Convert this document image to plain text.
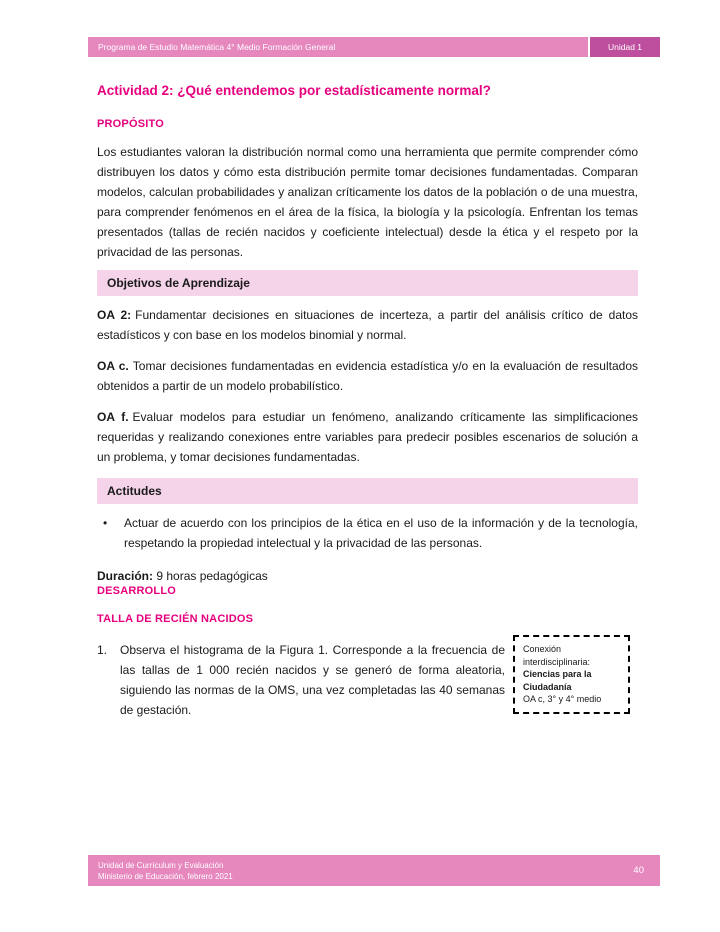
Programa de Estudio Matemática 4° Medio Formación General	Unidad 1
Actividad 2: ¿Qué entendemos por estadísticamente normal?
PROPÓSITO

Los estudiantes valoran la distribución normal como una herramienta que permite comprender cómo distribuyen los datos y cómo esta distribución permite tomar decisiones fundamentadas. Comparan modelos, calculan probabilidades y analizan críticamente los datos de la población o de una muestra, para comprender fenómenos en el área de la física, la biología y la psicología. Enfrentan los temas presentados (tallas de recién nacidos y coeficiente intelectual) desde la ética y el respeto por la privacidad de las personas.

Objetivos de Aprendizaje

OA 2: Fundamentar decisiones en situaciones de incerteza, a partir del análisis crítico de datos estadísticos y con base en los modelos binomial y normal.

OA c. Tomar decisiones fundamentadas en evidencia estadística y/o en la evaluación de resultados obtenidos a partir de un modelo probabilístico.

OA f. Evaluar modelos para estudiar un fenómeno, analizando críticamente las simplificaciones requeridas y realizando conexiones entre variables para predecir posibles escenarios de solución a un problema, y tomar decisiones fundamentadas.

Actitudes
•	Actuar de acuerdo con los principios de la ética en el uso de la información y de la tecnología, respetando la propiedad intelectual y la privacidad de las personas.

Duración: 9 horas pedagógicas

DESARROLLO
TALLA DE RECIÉN NACIDOS
1.	Observa el histograma de la Figura 1. Corresponde a la frecuencia de las tallas de 1 000 recién nacidos y se generó de forma aleatoria, siguiendo las normas de la OMS, una vez completadas las 40 semanas de gestación.

Conexión interdisciplinaria:
Ciencias para la Ciudadanía
OA c, 3° y 4° medio
Unidad de Currículum y Evaluación
Ministerio de Educación, febrero 2021	40
